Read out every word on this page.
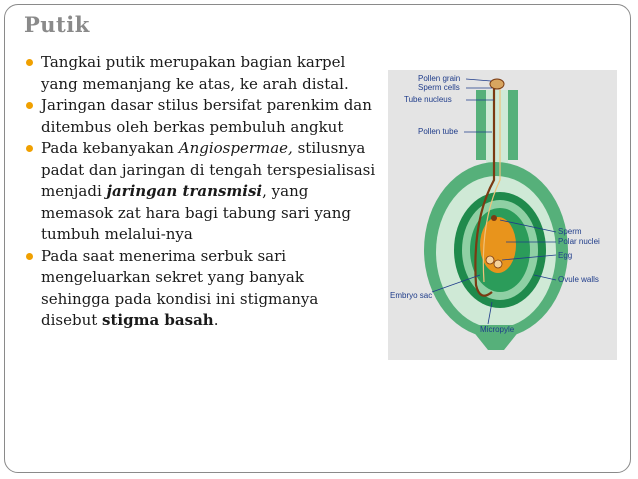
Putik
Tangkai putik merupakan bagian karpel yang memanjang ke atas, ke arah distal.
Jaringan dasar stilus bersifat parenkim dan ditembus oleh berkas pembuluh angkut
Pada kebanyakan Angiospermae, stilusnya padat dan jaringan di tengah terspesialisasi menjadi jaringan transmisi, yang memasok zat hara bagi tabung sari yang tumbuh melalui-nya
Pada saat menerima serbuk sari mengeluarkan sekret yang banyak sehingga pada kondisi ini stigmanya disebut stigma basah.
Pollen grain
Sperm cells
Tube nucleus
Pollen tube
Sperm
Polar nuclei
Egg
Ovule walls
Embryo sac
Micropyle
